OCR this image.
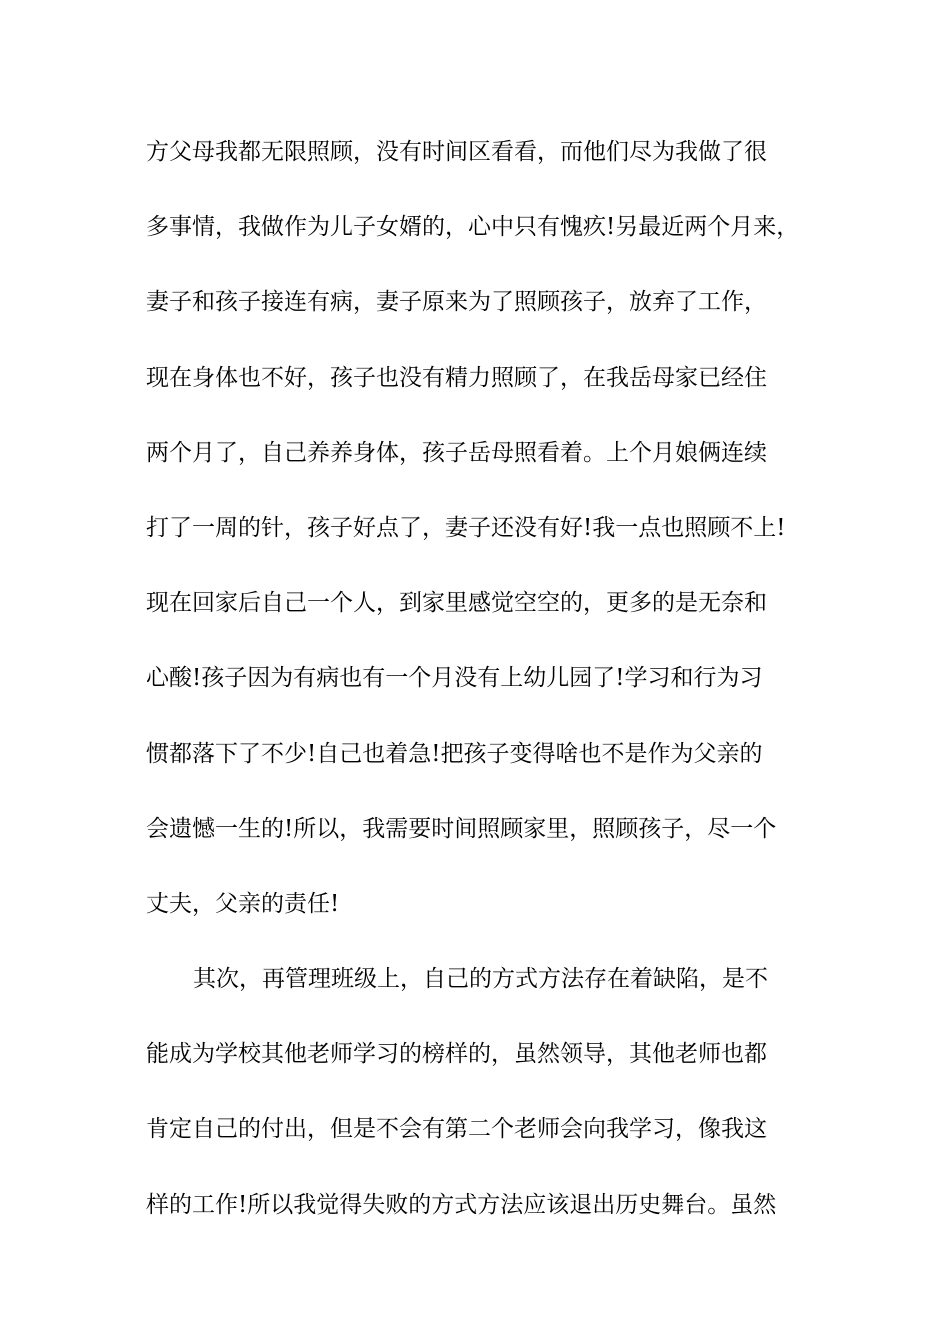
方父母我都无限照顾，没有时间区看看，而他们尽为我做了很
多事情，我做作为儿子女婿的，心中只有愧疚!另最近两个月来，
妻子和孩子接连有病，妻子原来为了照顾孩子，放弃了工作，
现在身体也不好，孩子也没有精力照顾了，在我岳母家已经住
两个月了，自己养养身体，孩子岳母照看着。上个月娘俩连续
打了一周的针，孩子好点了，妻子还没有好!我一点也照顾不上!
现在回家后自己一个人，到家里感觉空空的，更多的是无奈和
心酸!孩子因为有病也有一个月没有上幼儿园了!学习和行为习
惯都落下了不少!自己也着急!把孩子变得啥也不是作为父亲的
会遗憾一生的!所以，我需要时间照顾家里，照顾孩子，尽一个
丈夫，父亲的责任!
其次，再管理班级上，自己的方式方法存在着缺陷，是不
能成为学校其他老师学习的榜样的，虽然领导，其他老师也都
肯定自己的付出，但是不会有第二个老师会向我学习，像我这
样的工作!所以我觉得失败的方式方法应该退出历史舞台。虽然
